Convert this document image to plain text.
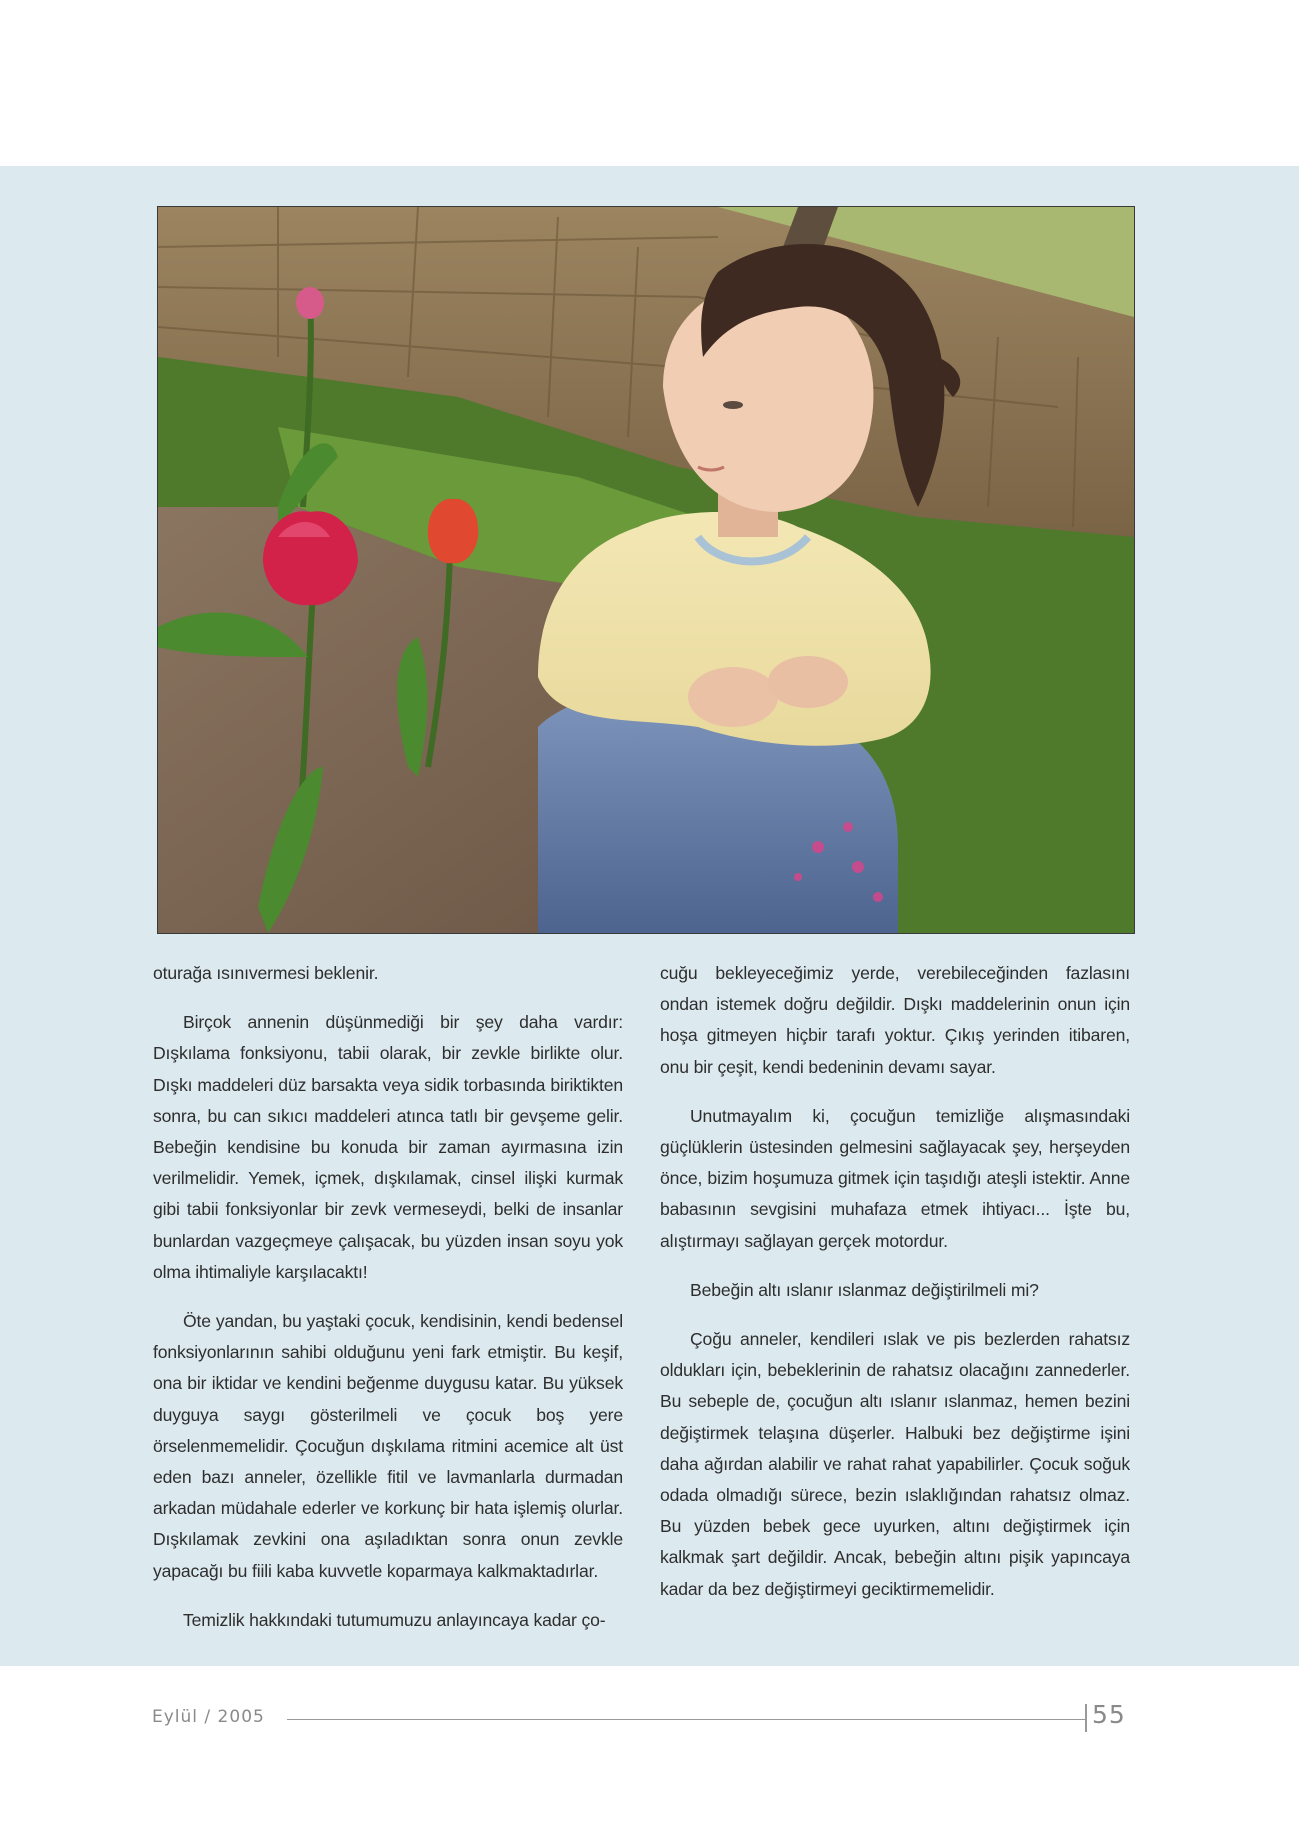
oturağa ısınıvermesi beklenir.

Birçok annenin düşünmediği bir şey daha vardır: Dışkılama fonksiyonu, tabii olarak, bir zevkle birlikte olur. Dışkı maddeleri düz barsakta veya sidik torbasında biriktikten sonra, bu can sıkıcı maddeleri atınca tatlı bir gevşeme gelir. Bebeğin kendisine bu konuda bir zaman ayırmasına izin verilmelidir. Yemek, içmek, dışkılamak, cinsel ilişki kurmak gibi tabii fonksiyonlar bir zevk vermeseydi, belki de insanlar bunlardan vazgeçmeye çalışacak, bu yüzden insan soyu yok olma ihtimaliyle karşılacaktı!

Öte yandan, bu yaştaki çocuk, kendisinin, kendi bedensel fonksiyonlarının sahibi olduğunu yeni fark etmiştir. Bu keşif, ona bir iktidar ve kendini beğenme duygusu katar. Bu yüksek duyguya saygı gösterilmeli ve çocuk boş yere örselenmemelidir. Çocuğun dışkılama ritmini acemice alt üst eden bazı anneler, özellikle fitil ve lavmanlarla durmadan arkadan müdahale ederler ve korkunç bir hata işlemiş olurlar. Dışkılamak zevkini ona aşıladıktan sonra onun zevkle yapacağı bu fiili kaba kuvvetle koparmaya kalkmaktadırlar.

Temizlik hakkındaki tutumumuzu anlayıncaya kadar ço-

cuğu bekleyeceğimiz yerde, verebileceğinden fazlasını ondan istemek doğru değildir. Dışkı maddelerinin onun için hoşa gitmeyen hiçbir tarafı yoktur. Çıkış yerinden itibaren, onu bir çeşit, kendi bedeninin devamı sayar.

Unutmayalım ki, çocuğun temizliğe alışmasındaki güçlüklerin üstesinden gelmesini sağlayacak şey, herşeyden önce, bizim hoşumuza gitmek için taşıdığı ateşli istektir. Anne babasının sevgisini muhafaza etmek ihtiyacı... İşte bu, alıştırmayı sağlayan gerçek motordur.

Bebeğin altı ıslanır ıslanmaz değiştirilmeli mi?

Çoğu anneler, kendileri ıslak ve pis bezlerden rahatsız oldukları için, bebeklerinin de rahatsız olacağını zannederler. Bu sebeple de, çocuğun altı ıslanır ıslanmaz, hemen bezini değiştirmek telaşına düşerler. Halbuki bez değiştirme işini daha ağırdan alabilir ve rahat rahat yapabilirler. Çocuk soğuk odada olmadığı sürece, bezin ıslaklığından rahatsız olmaz. Bu yüzden bebek gece uyurken, altını değiştirmek için kalkmak şart değildir. Ancak, bebeğin altını pişik yapıncaya kadar da bez değiştirmeyi geciktirmemelidir.

Eylül / 2005	55
